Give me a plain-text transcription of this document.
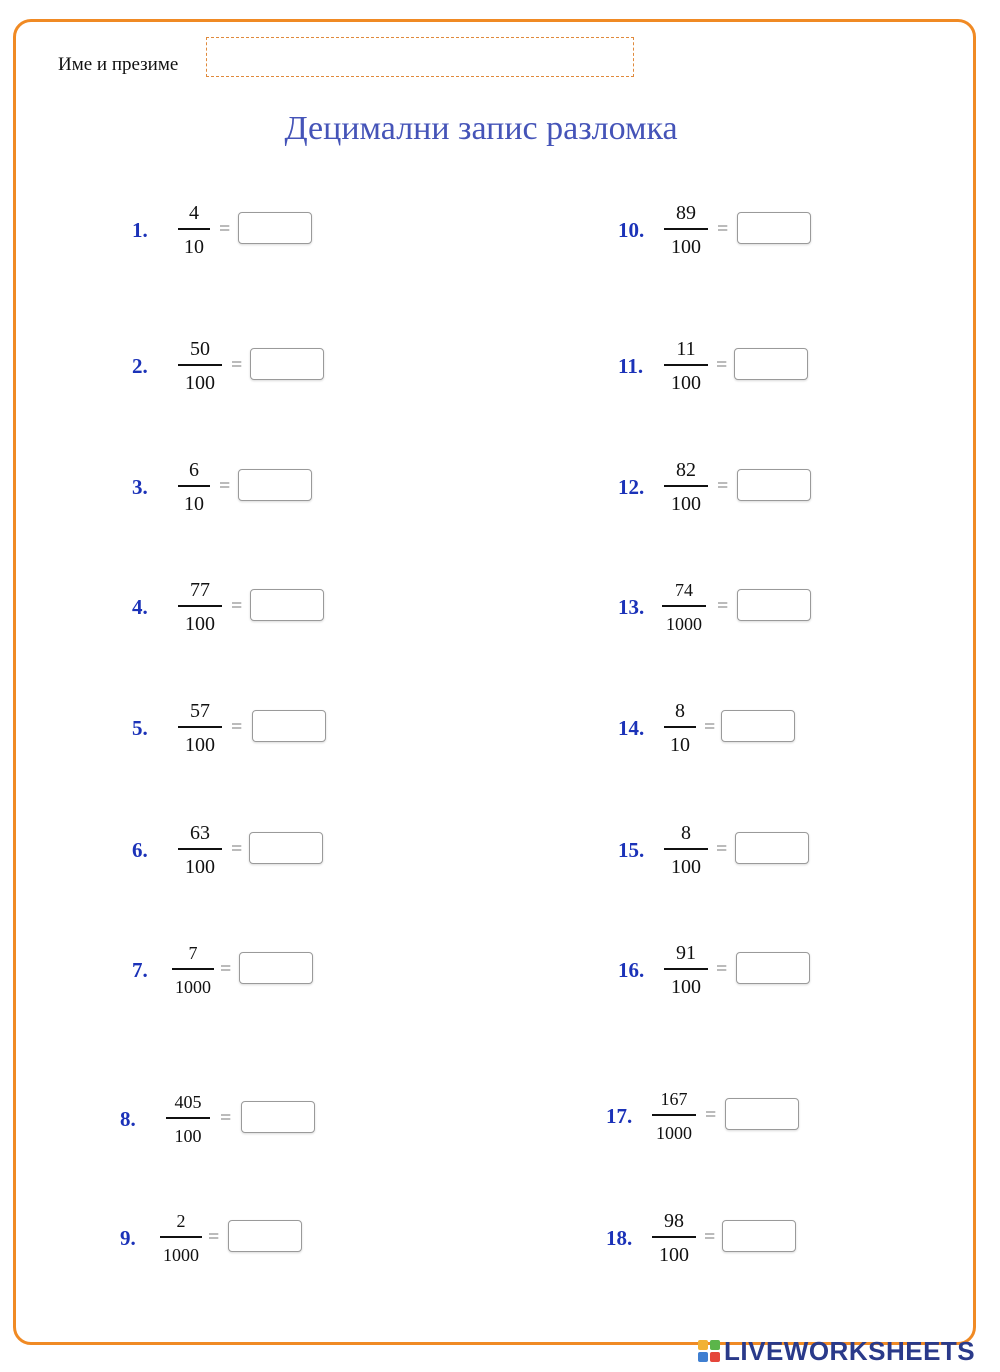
Име и презиме
Децимални запис разломка
1.
4
10
=
2.
50
100
=
3.
6
10
=
4.
77
100
=
5.
57
100
=
6.
63
100
=
7.
7
1000
=
8.
405
100
=
9.
2
1000
=
10.
89
100
=
11.
11
100
=
12.
82
100
=
13.
74
1000
=
14.
8
10
=
15.
8
100
=
16.
91
100
=
17.
167
1000
=
18.
98
100
=
LIVEWORKSHEETS
